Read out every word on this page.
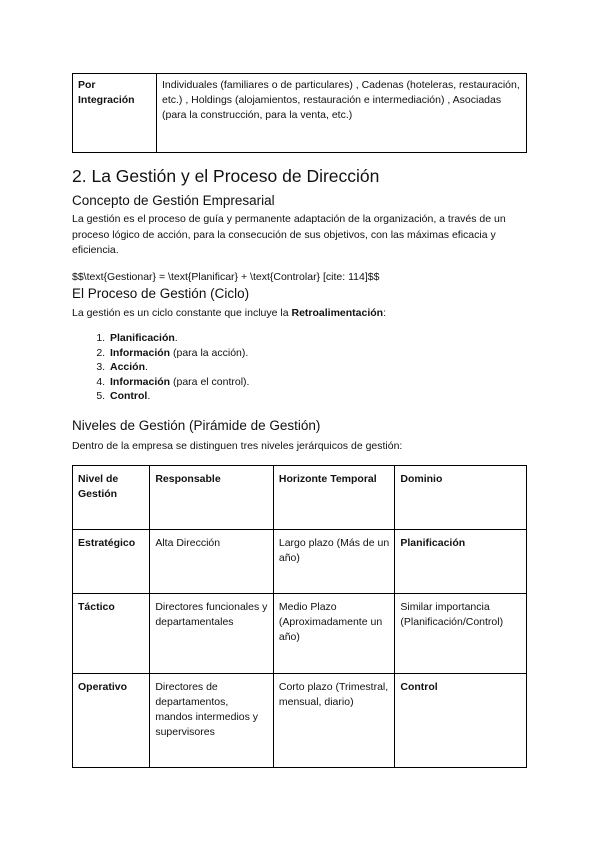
Por Integración	Individuales (familiares o de particulares) , Cadenas (hoteleras, restauración, etc.) , Holdings (alojamientos, restauración e intermediación) , Asociadas (para la construcción, para la venta, etc.)
2. La Gestión y el Proceso de Dirección
Concepto de Gestión Empresarial

La gestión es el proceso de guía y permanente adaptación de la organización, a través de un proceso lógico de acción, para la consecución de sus objetivos, con las máximas eficacia y eficiencia.

$$\text{Gestionar} = \text{Planificar} + \text{Controlar} [cite: 114]$$

El Proceso de Gestión (Ciclo)

La gestión es un ciclo constante que incluye la Retroalimentación:

1. Planificación.
2. Información (para la acción).
3. Acción.
4. Información (para el control).
5. Control.
Niveles de Gestión (Pirámide de Gestión)

Dentro de la empresa se distinguen tres niveles jerárquicos de gestión:

Nivel de Gestión	Responsable	Horizonte Temporal	Dominio
Estratégico	Alta Dirección	Largo plazo (Más de un año)	Planificación
Táctico	Directores funcionales y departamentales	Medio Plazo (Aproximadamente un año)	Similar importancia (Planificación/Control)
Operativo	Directores de departamentos, mandos intermedios y supervisores	Corto plazo (Trimestral, mensual, diario)	Control
